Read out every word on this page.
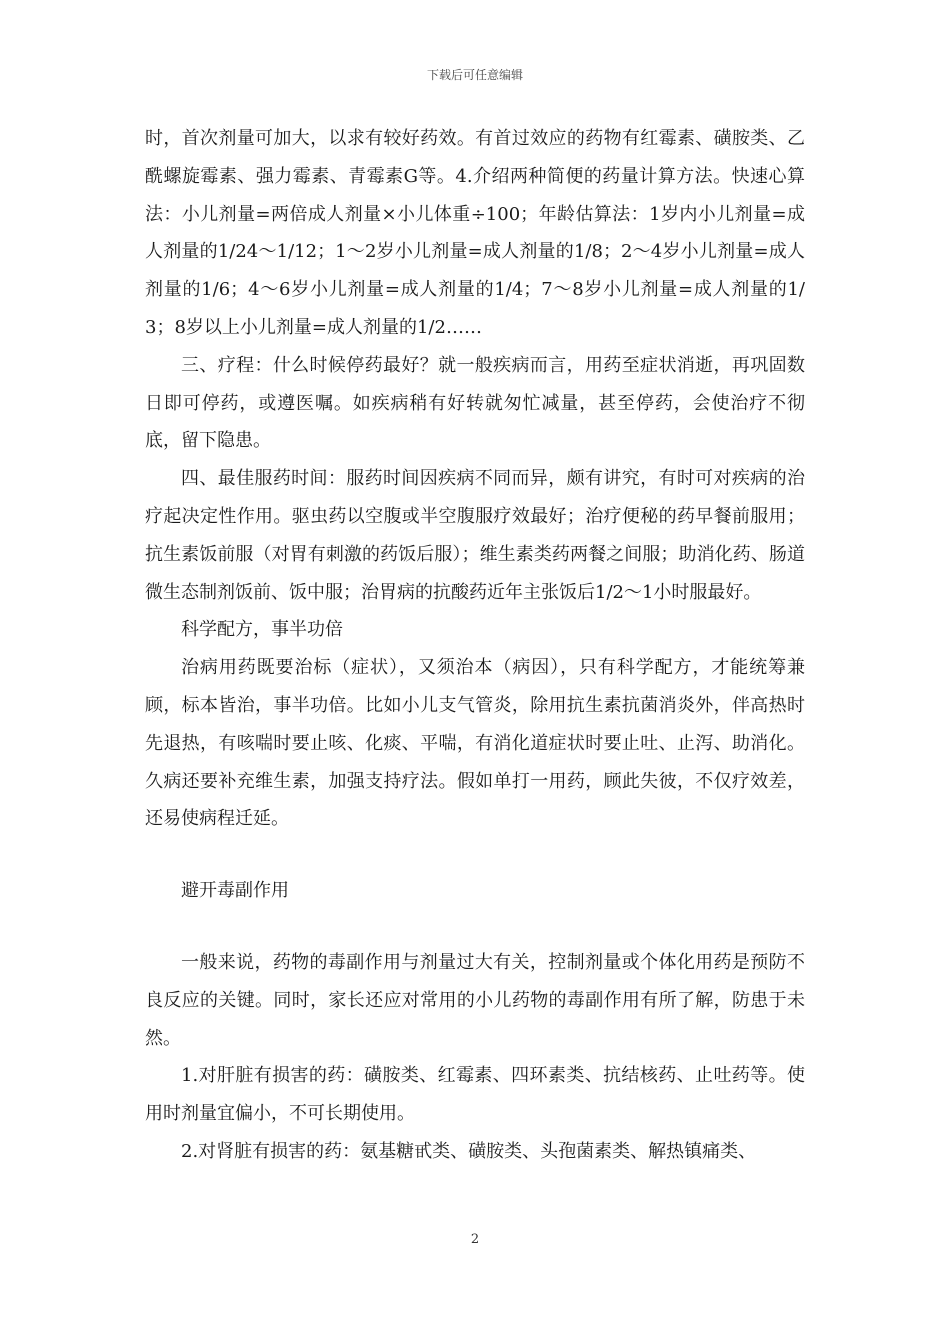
下载后可任意编辑

时，首次剂量可加大，以求有较好药效。有首过效应的药物有红霉素、磺胺类、乙酰螺旋霉素、强力霉素、青霉素G等。4.介绍两种简便的药量计算方法。快速心算法：小儿剂量=两倍成人剂量×小儿体重÷100；年龄估算法：1岁内小儿剂量=成人剂量的1/24～1/12；1～2岁小儿剂量=成人剂量的1/8；2～4岁小儿剂量=成人剂量的1/6；4～6岁小儿剂量=成人剂量的1/4；7～8岁小儿剂量=成人剂量的1/3；8岁以上小儿剂量=成人剂量的1/2……

三、疗程：什么时候停药最好？就一般疾病而言，用药至症状消逝，再巩固数日即可停药，或遵医嘱。如疾病稍有好转就匆忙减量，甚至停药，会使治疗不彻底，留下隐患。

四、最佳服药时间：服药时间因疾病不同而异，颇有讲究，有时可对疾病的治疗起决定性作用。驱虫药以空腹或半空腹服疗效最好；治疗便秘的药早餐前服用；抗生素饭前服（对胃有刺激的药饭后服）；维生素类药两餐之间服；助消化药、肠道微生态制剂饭前、饭中服；治胃病的抗酸药近年主张饭后1/2～1小时服最好。

科学配方，事半功倍

治病用药既要治标（症状），又须治本（病因），只有科学配方，才能统筹兼顾，标本皆治，事半功倍。比如小儿支气管炎，除用抗生素抗菌消炎外，伴高热时先退热，有咳喘时要止咳、化痰、平喘，有消化道症状时要止吐、止泻、助消化。久病还要补充维生素，加强支持疗法。假如单打一用药，顾此失彼，不仅疗效差，还易使病程迁延。

避开毒副作用

一般来说，药物的毒副作用与剂量过大有关，控制剂量或个体化用药是预防不良反应的关键。同时，家长还应对常用的小儿药物的毒副作用有所了解，防患于未然。

1.对肝脏有损害的药：磺胺类、红霉素、四环素类、抗结核药、止吐药等。使用时剂量宜偏小，不可长期使用。

2.对肾脏有损害的药：氨基糖甙类、磺胺类、头孢菌素类、解热镇痛类、

2
